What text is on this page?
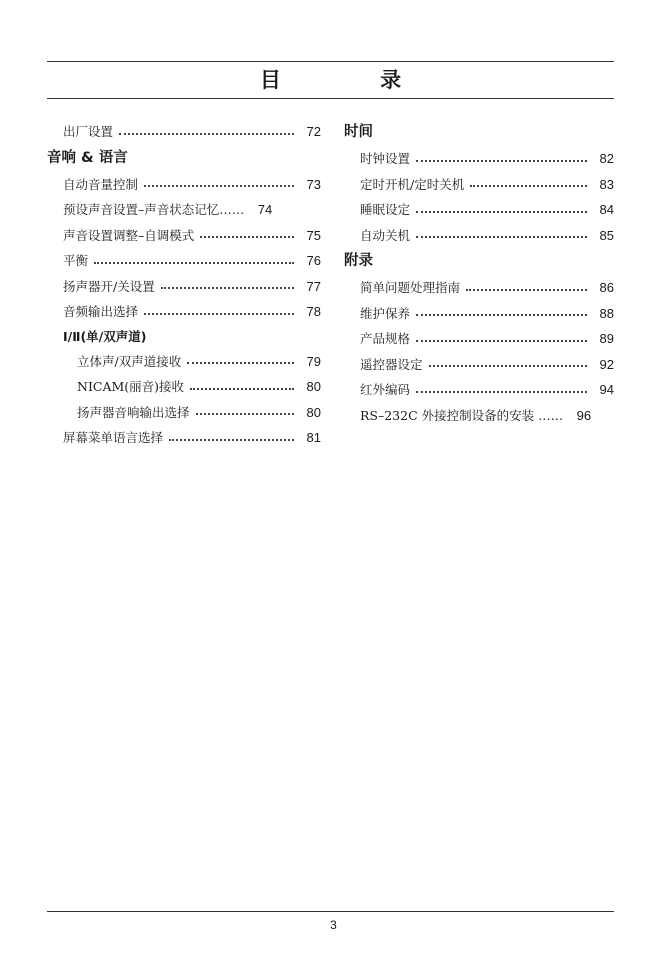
目 录
出厂设置	72
音响 & 语言
自动音量控制	73
预设声音设置–声音状态记忆……	74
声音设置调整–自调模式	75
平衡	76
扬声器开/关设置	77
音频输出选择	78
Ⅰ/Ⅱ(单/双声道)
立体声/双声道接收	79
NICAM(丽音)接收	80
扬声器音响输出选择	80
屏幕菜单语言选择	81
时间
时钟设置	82
定时开机/定时关机	83
睡眠设定	84
自动关机	85
附录
简单问题处理指南	86
维护保养	88
产品规格	89
遥控器设定	92
红外编码	94
RS–232C 外接控制设备的安装 ……	96
3
